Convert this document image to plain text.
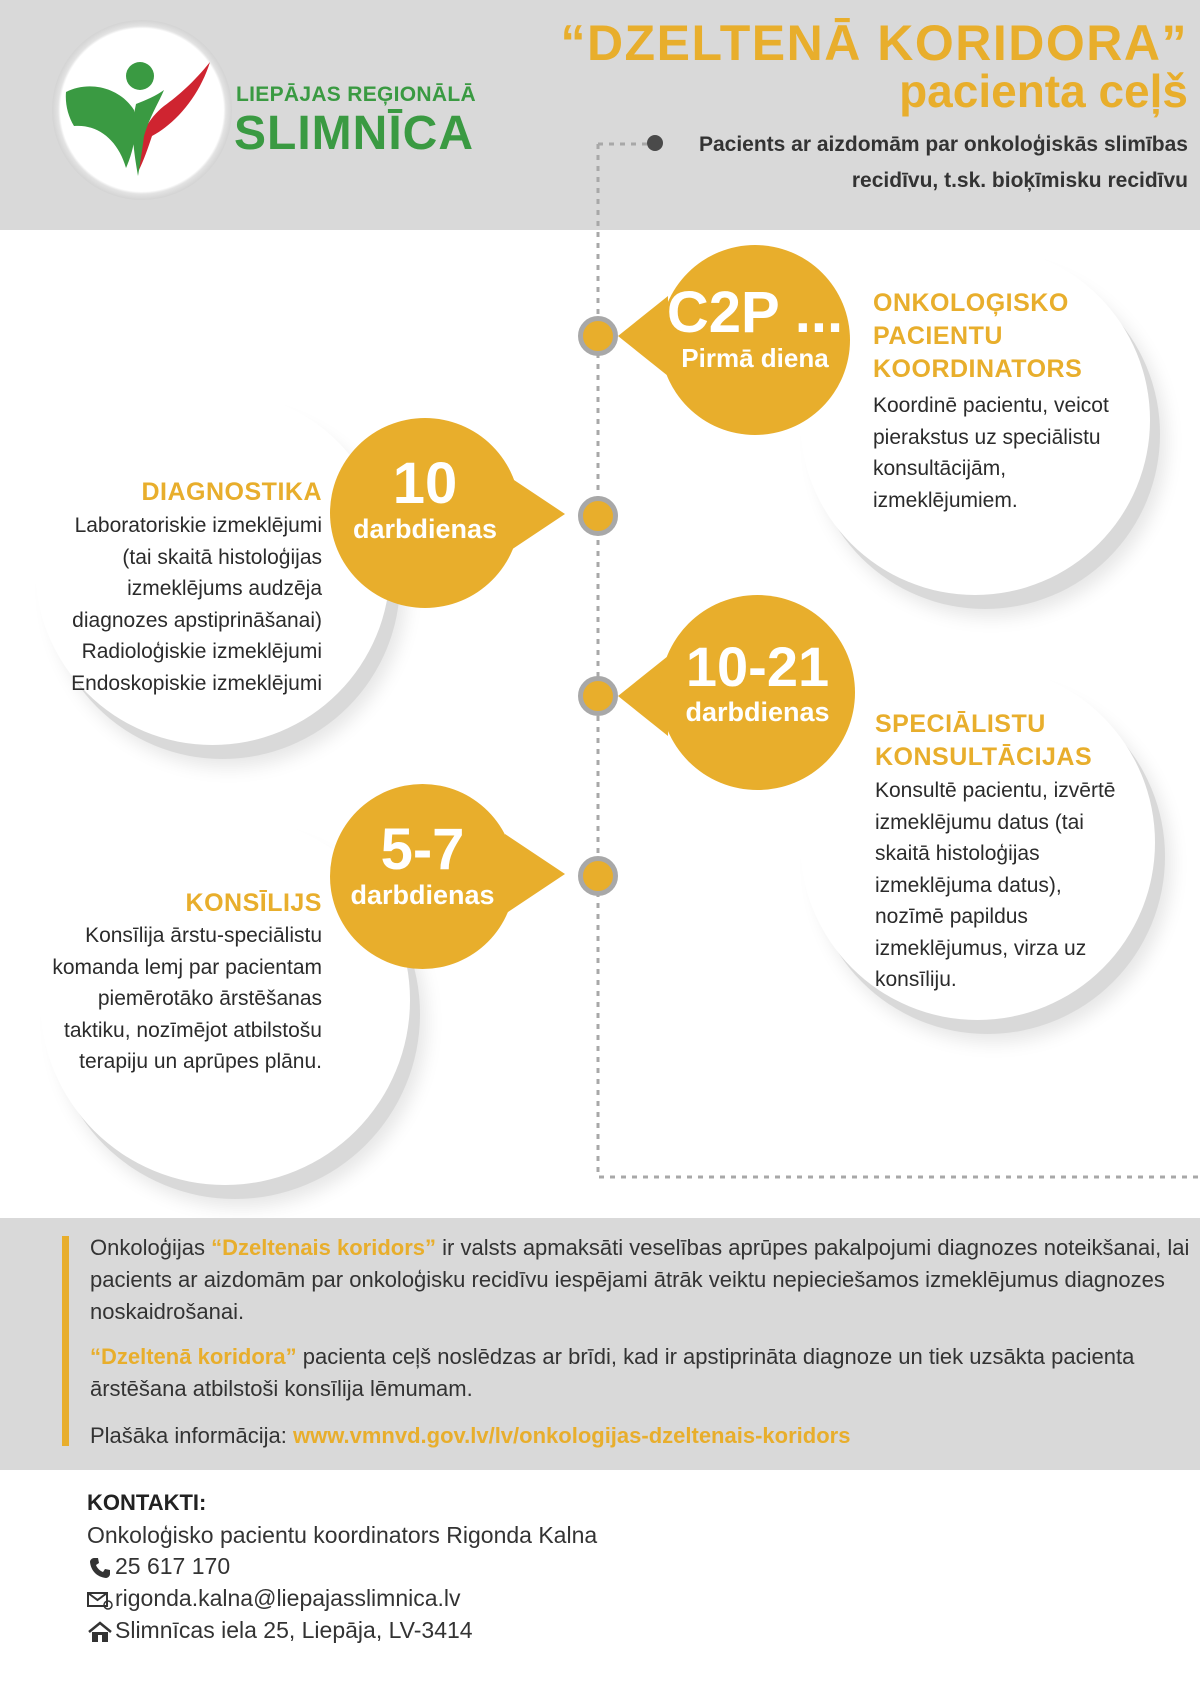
LIEPĀJAS REĢIONĀLĀ
SLIMNĪCA
“DZELTENĀ KORIDORA”
pacienta ceļš
Pacients ar aizdomām par onkoloģiskās slimības recidīvu, t.sk. bioķīmisku recidīvu
C2P ...
Pirmā diena
ONKOLOĢISKO PACIENTU KOORDINATORS
Koordinē pacientu, veicot pierakstus uz speciālistu konsultācijām, izmeklējumiem.
10
darbdienas
DIAGNOSTIKA
Laboratoriskie izmeklējumi (tai skaitā histoloģijas izmeklējums audzēja diagnozes apstiprināšanai) Radioloģiskie izmeklējumi Endoskopiskie izmeklējumi	10-21
darbdienas	SPECIĀLISTU KONSULTĀCIJAS
Konsultē pacientu, izvērtē izmeklējumu datus (tai skaitā histoloģijas izmeklējuma datus), nozīmē papildus izmeklējumus, virza uz konsīliju.
5-7
darbdienas
KONSĪLIJS
Konsīlija ārstu-speciālistu komanda lemj par pacientam piemērotāko ārstēšanas taktiku, nozīmējot atbilstošu terapiju un aprūpes plānu.
Onkoloģijas “Dzeltenais koridors” ir valsts apmaksāti veselības aprūpes pakalpojumi diagnozes noteikšanai, lai pacients ar aizdomām par onkoloģisku recidīvu iespējami ātrāk veiktu nepieciešamos izmeklējumus diagnozes noskaidrošanai.
“Dzeltenā koridora” pacienta ceļš noslēdzas ar brīdi, kad ir apstiprināta diagnoze un tiek uzsākta pacienta ārstēšana atbilstoši konsīlija lēmumam.
Plašāka informācija: www.vmnvd.gov.lv/lv/onkologijas-dzeltenais-koridors
KONTAKTI:
Onkoloģisko pacientu koordinators Rigonda Kalna
25 617 170
rigonda.kalna@liepajasslimnica.lv
Slimnīcas iela 25, Liepāja, LV-3414
